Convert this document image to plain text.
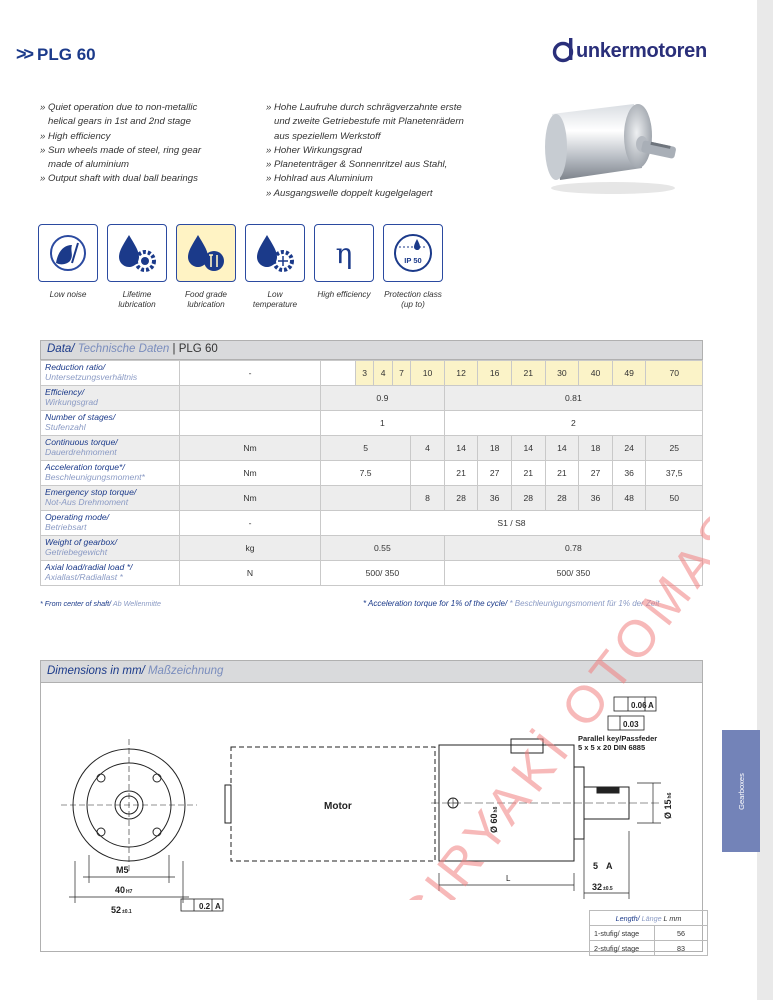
>> PLG 60	unkermotoren
» Quiet operation due to non-metallic
helical gears in 1st and 2nd stage
» High efficiency
» Sun wheels made of steel, ring gear
made of aluminium
» Output shaft with dual ball bearings
» Hohe Laufruhe durch schrägverzahnte erste
und zweite Getriebestufe mit Planetenrädern
aus speziellem Werkstoff
» Hoher Wirkungsgrad
» Planetenträger & Sonnenritzel aus Stahl,
» Hohlrad aus Aluminium
» Ausgangswelle doppelt kugelgelagert
η	IP 50
Low noise	Lifetime lubrication
Food grade lubrication
Low temperature
High efficiency	Protection class (up to)
Data/ Technische Daten | PLG 60
Reduction ratio/
Untersetzungsverhältnis	-		3	4	7	10	12	16	21	30	40	49	70
Efficiency/
Wirkungsgrad		0.9					0.81						
Number of stages/
Stufenzahl		1					2						
Continuous torque/
Dauerdrehmoment	Nm	5				4	14	18	14	14	18	24	25
Acceleration torque*/
Beschleunigungsmoment*	Nm	7.5					21	27	21	21	27	36	37,5
Emergency stop torque/
Not-Aus Drehmoment	Nm					8	28	36	28	28	36	48	50
Operating mode/
Betriebsart	-	S1 / S8											
Weight of gearbox/
Getriebegewicht	kg	0.55					0.78						
Axial load/radial load */
Axiallast/Radiallast *	N	500/ 350					500/ 350						
* From center of shaft/ Ab Wellenmitte	* Acceleration torque for 1% of the cycle/ * Beschleunigungsmoment für 1% der Zeit
Dimensions in mm/ Maßzeichnung
Motor
M5
40H7
52±0.1
0.2 A
0.06 A
0.03
Parallel key/Passfeder
5 x 5 x 20 DIN 6885
Ø 60h8	Ø 15h6
5 A
32±0.5
L
Length/ Länge L mm	
1-stufig/ stage	56
2-stufig/ stage	83
Gearboxes
